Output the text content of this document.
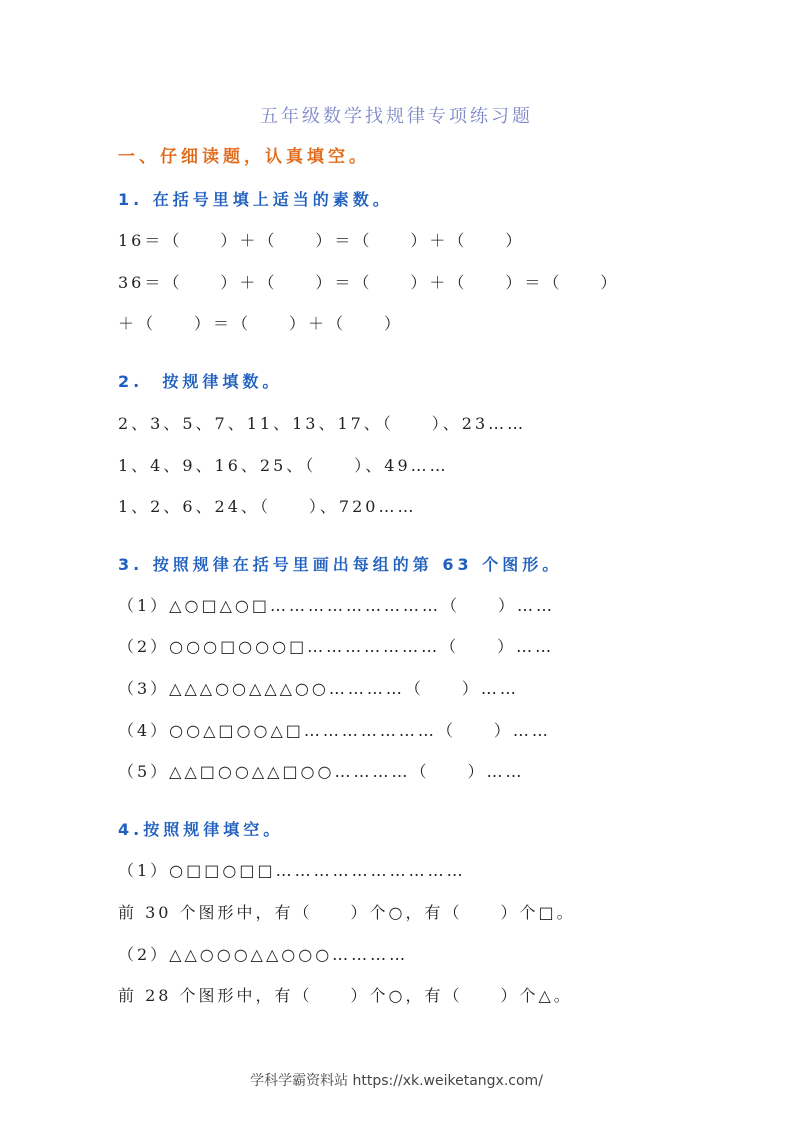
五年级数学找规律专项练习题
一、仔细读题，认真填空。
1. 在括号里填上适当的素数。
16＝（　　）＋（　　）＝（　　）＋（　　）
36＝（　　）＋（　　）＝（　　）＋（　　）＝（　　）
＋（　　）＝（　　）＋（　　）
2.  按规律填数。
2、3、5、7、11、13、17、（　　）、23……
1、4、9、16、25、（　　）、49……
1、2、6、24、（　　）、720……
3. 按照规律在括号里画出每组的第 63 个图形。
（1）△○□△○□………………………（　　）……
（2）○○○□○○○□…………………（　　）……
（3）△△△○○△△△○○…………（　　）……
（4）○○△□○○△□…………………（　　）……
（5）△△□○○△△□○○…………（　　）……
4.按照规律填空。
（1）○□□○□□…………………………
前 30 个图形中，有（　　）个○，有（　　）个□。
（2）△△○○○△△○○○…………
前 28 个图形中，有（　　）个○，有（　　）个△。
学科学霸资料站 https://xk.weiketangx.com/
